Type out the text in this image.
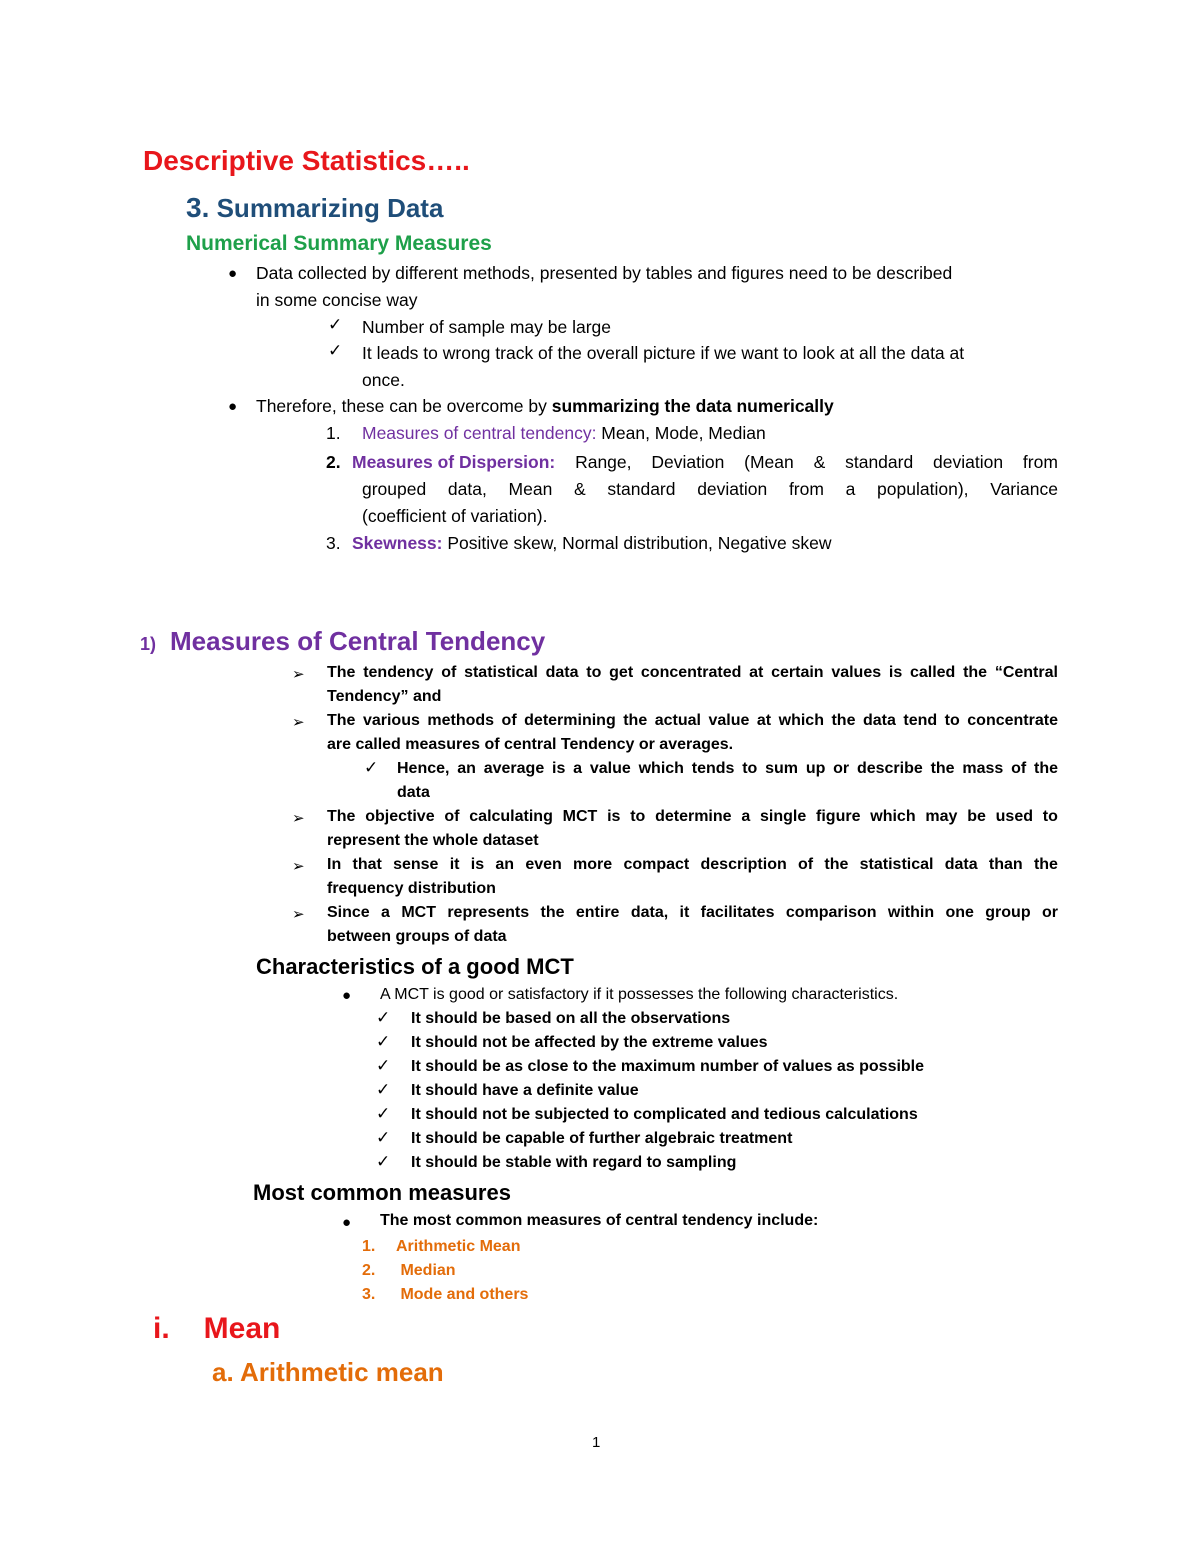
Descriptive Statistics…..
3. Summarizing Data
Numerical Summary Measures
● Data collected by different methods, presented by tables and figures need to be described
in some concise way
✓ Number of sample may be large
✓ It leads to wrong track of the overall picture if we want to look at all the data at
once.
● Therefore, these can be overcome by summarizing the data numerically
1. Measures of central tendency: Mean, Mode, Median
2. Measures of Dispersion: Range, Deviation (Mean & standard deviation from
grouped data, Mean & standard deviation from a population), Variance
(coefficient of variation).
3. Skewness: Positive skew, Normal distribution, Negative skew
1) Measures of Central Tendency
➢ The tendency of statistical data to get concentrated at certain values is called the “Central
Tendency” and
➢ The various methods of determining the actual value at which the data tend to concentrate
are called measures of central Tendency or averages.
✓ Hence, an average is a value which tends to sum up or describe the mass of the
data
➢ The objective of calculating MCT is to determine a single figure which may be used to
represent the whole dataset
➢ In that sense it is an even more compact description of the statistical data than the
frequency distribution
➢ Since a MCT represents the entire data, it facilitates comparison within one group or
between groups of data
Characteristics of a good MCT
● A MCT is good or satisfactory if it possesses the following characteristics.
✓ It should be based on all the observations
✓ It should not be affected by the extreme values
✓ It should be as close to the maximum number of values as possible
✓ It should have a definite value
✓ It should not be subjected to complicated and tedious calculations
✓ It should be capable of further algebraic treatment
✓ It should be stable with regard to sampling
Most common measures
● The most common measures of central tendency include:
1. Arithmetic Mean
2. Median
3. Mode and others
i. Mean
a. Arithmetic mean
1
